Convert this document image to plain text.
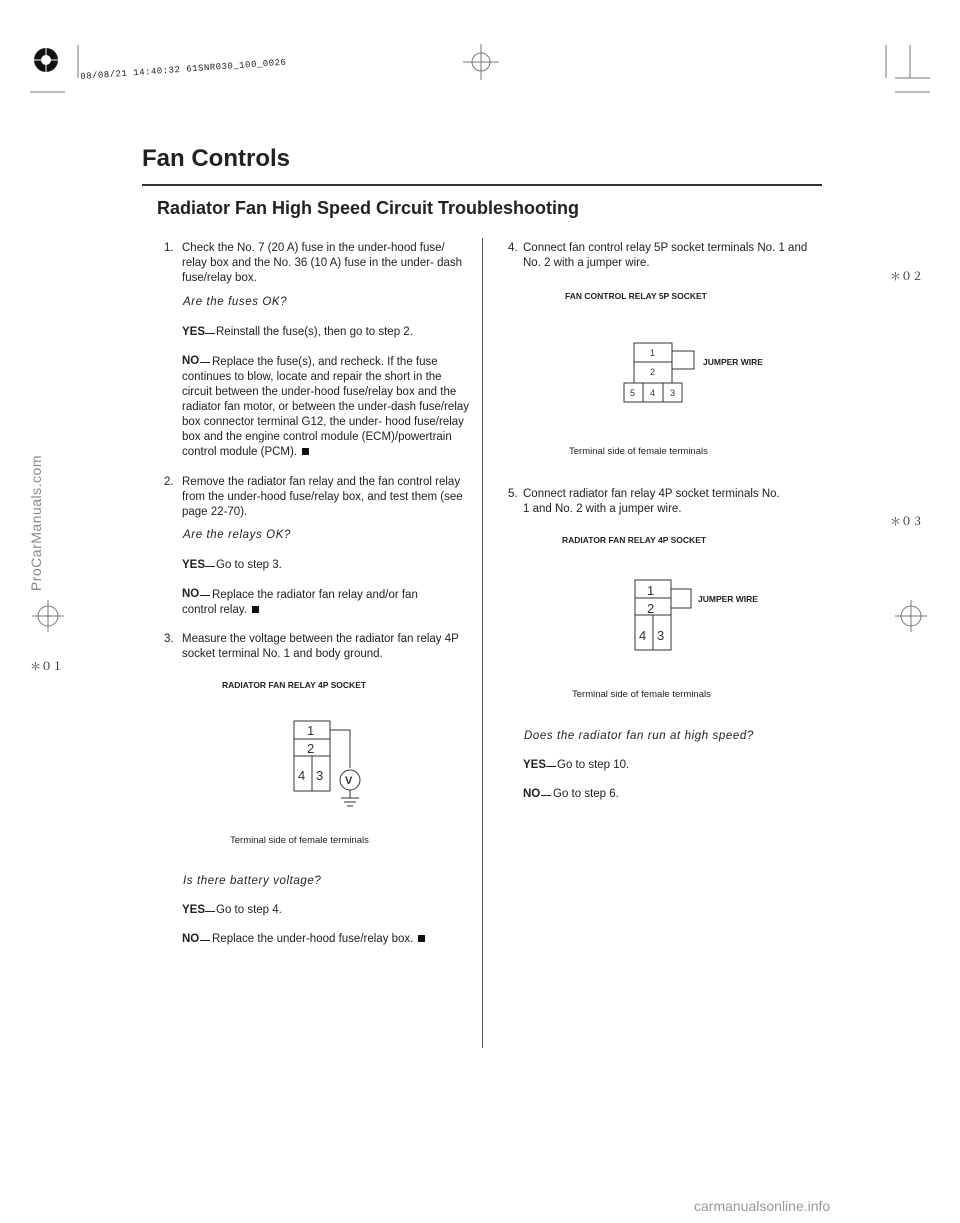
08/08/21 14:40:32 61SNR030_100_0026
Fan Controls
Radiator Fan High Speed Circuit Troubleshooting
＊０２
＊０３
＊０１
ProCarManuals.com
carmanualsonline.info
1. Check the No. 7 (20 A) fuse in the under-hood fuse/ relay box and the No. 36 (10 A) fuse in the under- dash fuse/relay box.
Are the fuses OK?
YES Reinstall the fuse(s), then go to step 2.
NO	Replace the fuse(s), and recheck. If the fuse continues to blow, locate and repair the short in the circuit between the under-hood fuse/relay box and the radiator fan motor, or between the under-dash fuse/relay box connector terminal G12, the under- hood fuse/relay box and the engine control module (ECM)/powertrain control module (PCM).
2. Remove the radiator fan relay and the fan control relay from the under-hood fuse/relay box, and test them (see page 22-70).
Are the relays OK?
YES Go to step 3.
NO	Replace the radiator fan relay and/or fan control relay.
3. Measure the voltage between the radiator fan relay 4P socket terminal No. 1 and body ground.
RADIATOR FAN RELAY 4P SOCKET
1
2
4 3 V
Terminal side of female terminals
Is there battery voltage?
YES Go to step 4.
NO Replace the under-hood fuse/relay box.
4. Connect fan control relay 5P socket terminals No. 1 and No. 2 with a jumper wire.
FAN CONTROL RELAY 5P SOCKET
1
2
5 4 3
JUMPER WIRE
Terminal side of female terminals
5. Connect radiator fan relay 4P socket terminals No. 1 and No. 2 with a jumper wire.
RADIATOR FAN RELAY 4P SOCKET
1
2
4 3
JUMPER WIRE
Terminal side of female terminals
Does the radiator fan run at high speed?
YES Go to step 10.
NO Go to step 6.
